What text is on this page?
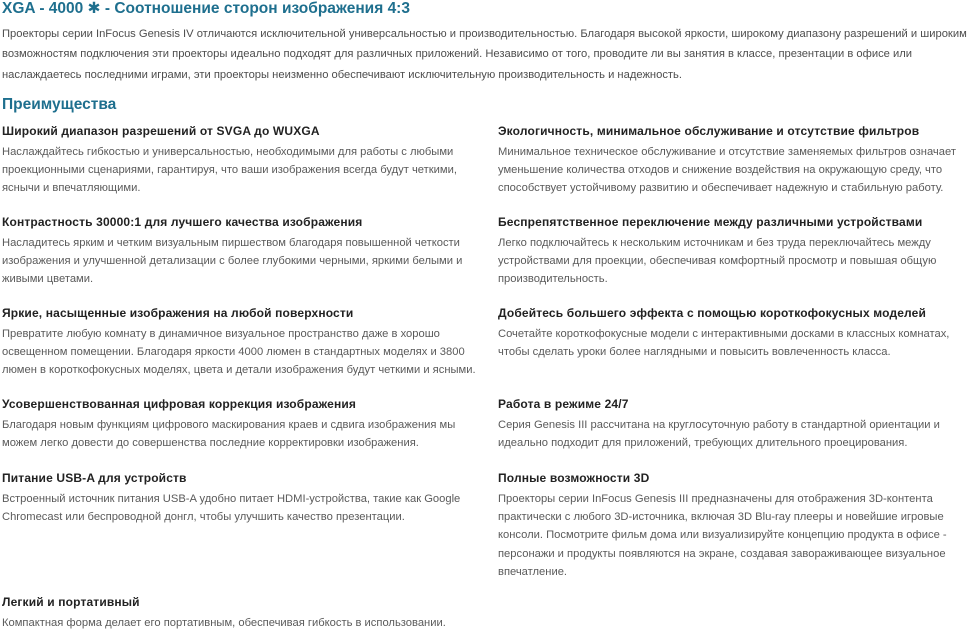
XGA - 4000 ✱ - Соотношение сторон изображения 4:3

Проекторы серии InFocus Genesis IV отличаются исключительной универсальностью и производительностью. Благодаря высокой яркости, широкому диапазону разрешений и широким возможностям подключения эти проекторы идеально подходят для различных приложений. Независимо от того, проводите ли вы занятия в классе, презентации в офисе или наслаждаетесь последними играми, эти проекторы неизменно обеспечивают исключительную производительность и надежность.

Преимущества
Широкий диапазон разрешений от SVGA до WUXGA

Наслаждайтесь гибкостью и универсальностью, необходимыми для работы с любыми проекционными сценариями, гарантируя, что ваши изображения всегда будут четкими, яснычи и впечатляющими.

Экологичность, минимальное обслуживание и отсутствие фильтров

Минимальное техническое обслуживание и отсутствие заменяемых фильтров означает уменьшение количества отходов и снижение воздействия на окружающую среду, что способствует устойчивому развитию и обеспечивает надежную и стабильную работу.

Контрастность 30000:1 для лучшего качества изображения

Насладитесь ярким и четким визуальным пиршеством благодаря повышенной четкости изображения и улучшенной детализации с более глубокими черными, яркими белыми и живыми цветами.

Беспрепятственное переключение между различными устройствами

Легко подключайтесь к нескольким источникам и без труда переключайтесь между устройствами для проекции, обеспечивая комфортный просмотр и повышая общую производительность.

Яркие, насыщенные изображения на любой поверхности

Превратите любую комнату в динамичное визуальное пространство даже в хорошо освещенном помещении. Благодаря яркости 4000 люмен в стандартных моделях и 3800 люмен в короткофокусных моделях, цвета и детали изображения будут четкими и ясными.

Добейтесь большего эффекта с помощью короткофокусных моделей

Сочетайте короткофокусные модели с интерактивными досками в классных комнатах, чтобы сделать уроки более наглядными и повысить вовлеченность класса.

Усовершенствованная цифровая коррекция изображения

Благодаря новым функциям цифрового маскирования краев и сдвига изображения мы можем легко довести до совершенства последние корректировки изображения.

Работа в режиме 24/7

Серия Genesis III рассчитана на круглосуточную работу в стандартной ориентации и идеально подходит для приложений, требующих длительного проецирования.

Питание USB-A для устройств

Встроенный источник питания USB-A удобно питает HDMI-устройства, такие как Google Chromecast или беспроводной донгл, чтобы улучшить качество презентации.

Полные возможности 3D

Проекторы серии InFocus Genesis III предназначены для отображения 3D-контента практически с любого 3D-источника, включая 3D Blu-ray плееры и новейшие игровые консоли. Посмотрите фильм дома или визуализируйте концепцию продукта в офисе - персонажи и продукты появляются на экране, создавая завораживающее визуальное впечатление.

Легкий и портативный

Компактная форма делает его портативным, обеспечивая гибкость в использовании.
